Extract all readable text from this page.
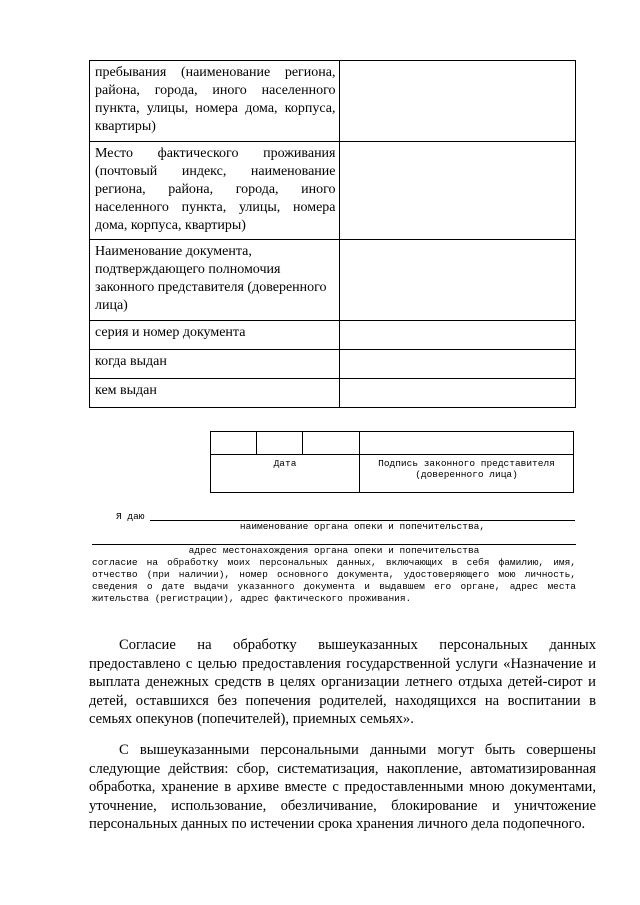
пребывания (наименование региона, района, города, иного населенного пункта, улицы, номера дома, корпуса, квартиры)	
Место фактического проживания (почтовый индекс, наименование региона, района, города, иного населенного пункта, улицы, номера дома, корпуса, квартиры)	
Наименование документа, подтверждающего полномочия законного представителя (доверенного лица)	
серия и номер документа	
когда выдан	
кем выдан	

Дата			Подпись законного представителя (доверенного лица)
Я даю
наименование органа опеки и попечительства,
адрес местонахождения органа опеки и попечительства
согласие на обработку моих персональных данных, включающих в себя фамилию, имя, отчество (при наличии), номер основного документа, удостоверяющего мою личность, сведения о дате выдачи указанного документа и выдавшем его органе, адрес места жительства (регистрации), адрес фактического проживания.

Согласие на обработку вышеуказанных персональных данных предоставлено с целью предоставления государственной услуги «Назначение и выплата денежных средств в целях организации летнего отдыха детей-сирот и детей, оставшихся без попечения родителей, находящихся на воспитании в семьях опекунов (попечителей), приемных семьях».

С вышеуказанными персональными данными могут быть совершены следующие действия: сбор, систематизация, накопление, автоматизированная обработка, хранение в архиве вместе с предоставленными мною документами, уточнение, использование, обезличивание, блокирование и уничтожение персональных данных по истечении срока хранения личного дела подопечного.
